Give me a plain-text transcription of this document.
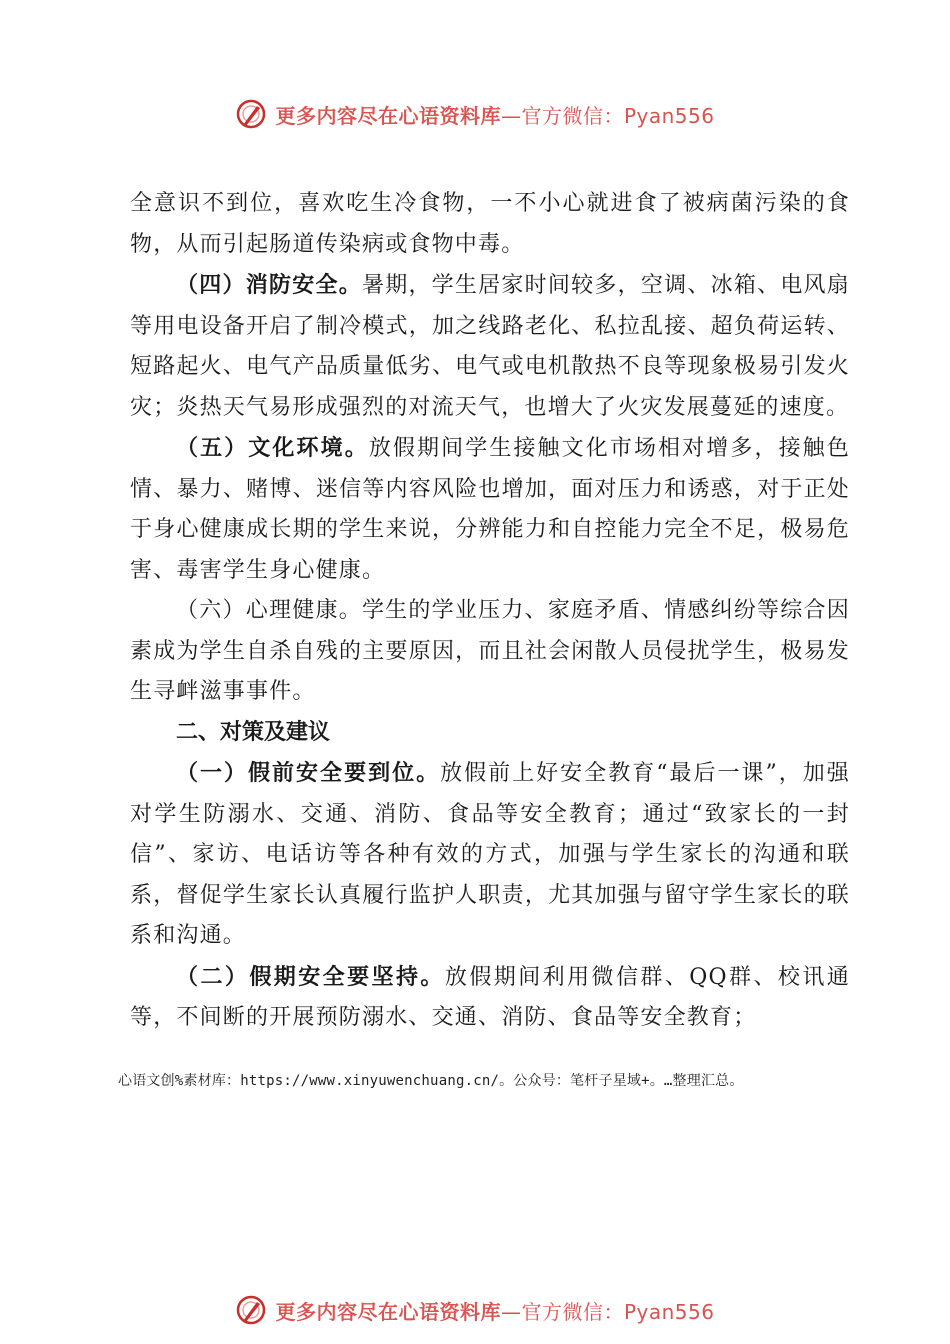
更多内容尽在心语资料库—官方微信：Pyan556

全意识不到位，喜欢吃生冷食物，一不小心就进食了被病菌污染的食物，从而引起肠道传染病或食物中毒。

（四）消防安全。暑期，学生居家时间较多，空调、冰箱、电风扇等用电设备开启了制冷模式，加之线路老化、私拉乱接、超负荷运转、短路起火、电气产品质量低劣、电气或电机散热不良等现象极易引发火灾；炎热天气易形成强烈的对流天气，也增大了火灾发展蔓延的速度。

（五）文化环境。放假期间学生接触文化市场相对增多，接触色情、暴力、赌博、迷信等内容风险也增加，面对压力和诱惑，对于正处于身心健康成长期的学生来说，分辨能力和自控能力完全不足，极易危害、毒害学生身心健康。

（六）心理健康。学生的学业压力、家庭矛盾、情感纠纷等综合因素成为学生自杀自残的主要原因，而且社会闲散人员侵扰学生，极易发生寻衅滋事事件。

二、对策及建议

（一）假前安全要到位。放假前上好安全教育“最后一课”，加强对学生防溺水、交通、消防、食品等安全教育；通过“致家长的一封信”、家访、电话访等各种有效的方式，加强与学生家长的沟通和联系，督促学生家长认真履行监护人职责，尤其加强与留守学生家长的联系和沟通。

（二）假期安全要坚持。放假期间利用微信群、QQ群、校讯通等，不间断的开展预防溺水、交通、消防、食品等安全教育；

心语文创%素材库：https://www.xinyuwenchuang.cn/。公众号：笔杆子星域+。…整理汇总。
更多内容尽在心语资料库—官方微信：Pyan556
